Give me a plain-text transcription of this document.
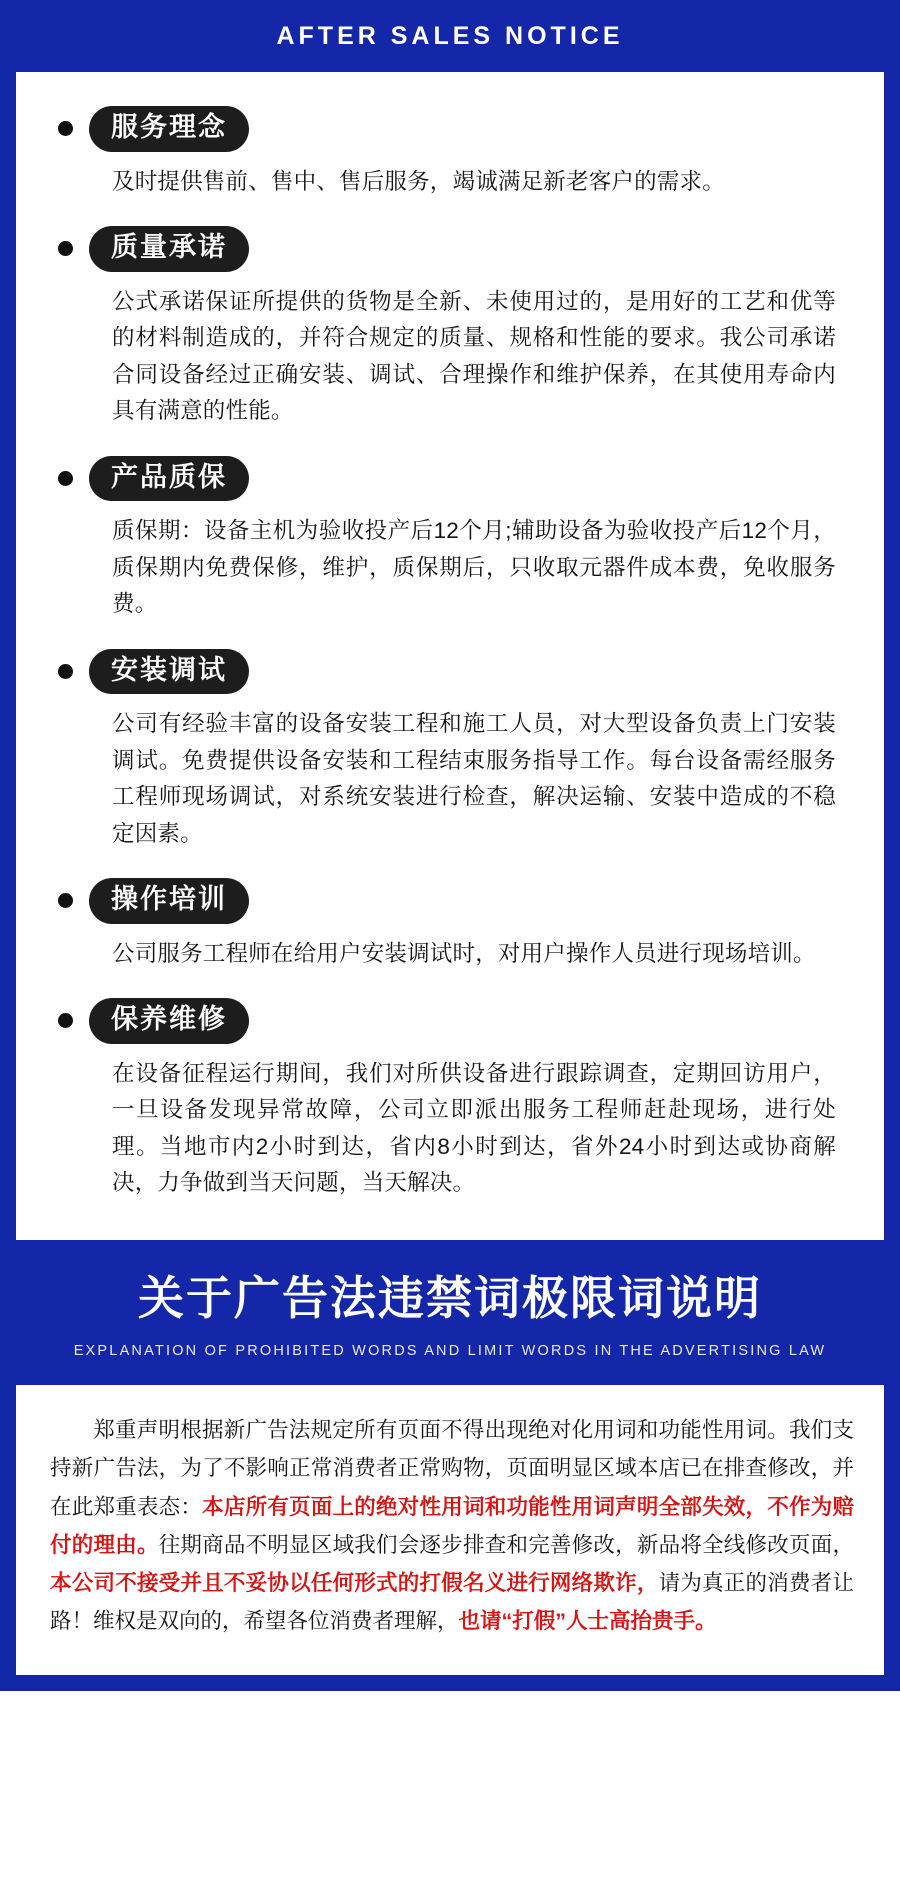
AFTER SALES NOTICE
服务理念
及时提供售前、售中、售后服务，竭诚满足新老客户的需求。
质量承诺
公式承诺保证所提供的货物是全新、未使用过的，是用好的工艺和优等的材料制造成的，并符合规定的质量、规格和性能的要求。我公司承诺合同设备经过正确安装、调试、合理操作和维护保养，在其使用寿命内具有满意的性能。
产品质保
质保期：设备主机为验收投产后12个月;辅助设备为验收投产后12个月，质保期内免费保修，维护，质保期后，只收取元器件成本费，免收服务费。
安装调试
公司有经验丰富的设备安装工程和施工人员，对大型设备负责上门安装调试。免费提供设备安装和工程结束服务指导工作。每台设备需经服务工程师现场调试，对系统安装进行检查，解决运输、安装中造成的不稳定因素。
操作培训
公司服务工程师在给用户安装调试时，对用户操作人员进行现场培训。
保养维修
在设备征程运行期间，我们对所供设备进行跟踪调查，定期回访用户，一旦设备发现异常故障，公司立即派出服务工程师赶赴现场，进行处理。当地市内2小时到达，省内8小时到达，省外24小时到达或协商解决，力争做到当天问题，当天解决。
关于广告法违禁词极限词说明
EXPLANATION OF PROHIBITED WORDS AND LIMIT WORDS IN THE ADVERTISING LAW
郑重声明根据新广告法规定所有页面不得出现绝对化用词和功能性用词。我们支持新广告法，为了不影响正常消费者正常购物，页面明显区域本店已在排查修改，并在此郑重表态：本店所有页面上的绝对性用词和功能性用词声明全部失效，不作为赔付的理由。往期商品不明显区域我们会逐步排查和完善修改，新品将全线修改页面，本公司不接受并且不妥协以任何形式的打假名义进行网络欺诈，请为真正的消费者让路！维权是双向的，希望各位消费者理解，也请“打假”人士高抬贵手。
